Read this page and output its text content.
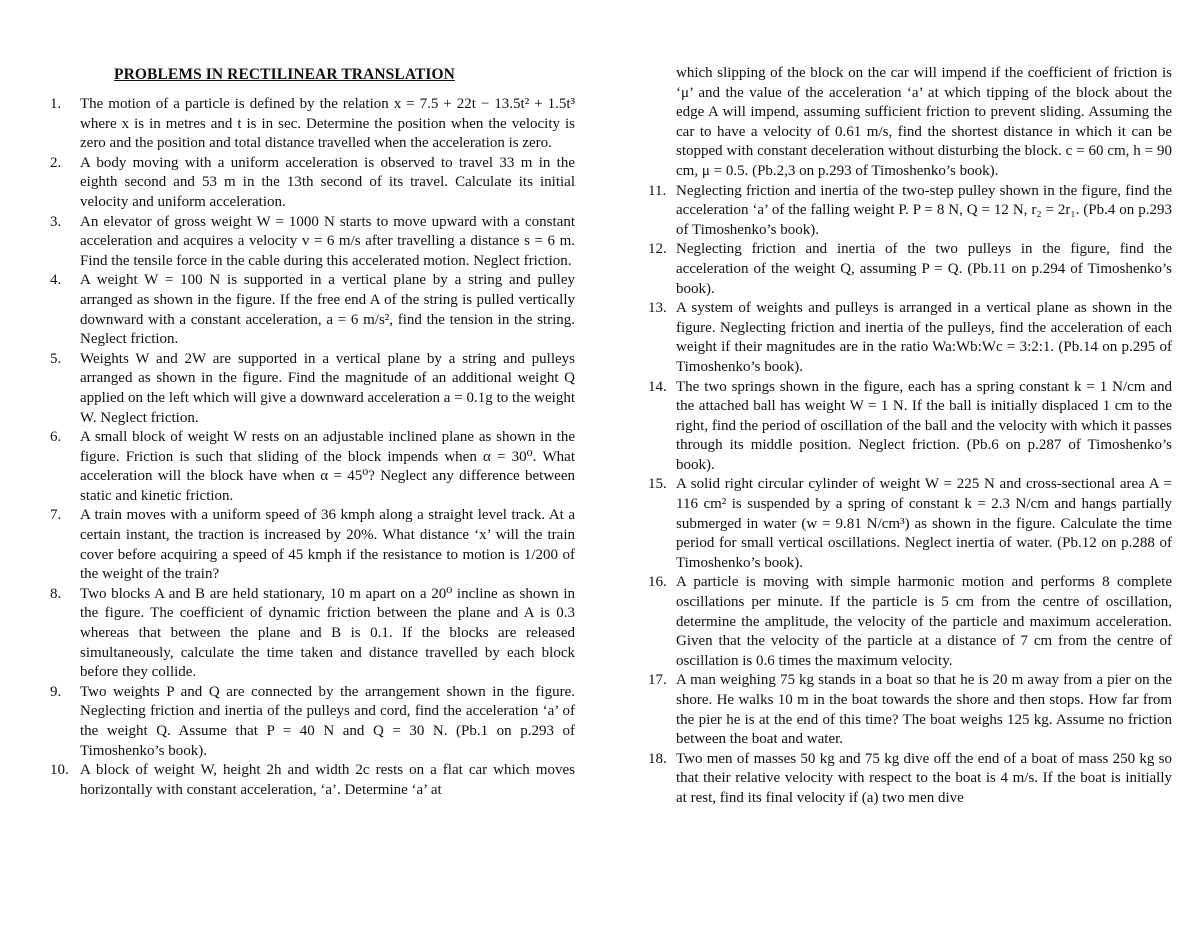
PROBLEMS IN RECTILINEAR TRANSLATION
1.	The motion of a particle is defined by the relation x = 7.5 + 22t − 13.5t² + 1.5t³ where x is in metres and t is in sec. Determine the position when the velocity is zero and the position and total distance travelled when the acceleration is zero.
2.	A body moving with a uniform acceleration is observed to travel 33 m in the eighth second and 53 m in the 13th second of its travel. Calculate its initial velocity and uniform acceleration.
3.	An elevator of gross weight W = 1000 N starts to move upward with a constant acceleration and acquires a velocity v = 6 m/s after travelling a distance s = 6 m. Find the tensile force in the cable during this accelerated motion. Neglect friction.
4.	A weight W = 100 N is supported in a vertical plane by a string and pulley arranged as shown in the figure. If the free end A of the string is pulled vertically downward with a constant acceleration, a = 6 m/s², find the tension in the string. Neglect friction.
5.	Weights W and 2W are supported in a vertical plane by a string and pulleys arranged as shown in the figure. Find the magnitude of an additional weight Q applied on the left which will give a downward acceleration a = 0.1g to the weight W. Neglect friction.
6.	A small block of weight W rests on an adjustable inclined plane as shown in the figure. Friction is such that sliding of the block impends when α = 30⁰. What acceleration will the block have when α = 45⁰? Neglect any difference between static and kinetic friction.
7.	A train moves with a uniform speed of 36 kmph along a straight level track. At a certain instant, the traction is increased by 20%. What distance ‘x’ will the train cover before acquiring a speed of 45 kmph if the resistance to motion is 1/200 of the weight of the train?
8.	Two blocks A and B are held stationary, 10 m apart on a 20⁰ incline as shown in the figure. The coefficient of dynamic friction between the plane and A is 0.3 whereas that between the plane and B is 0.1. If the blocks are released simultaneously, calculate the time taken and distance travelled by each block before they collide.
9.	Two weights P and Q are connected by the arrangement shown in the figure. Neglecting friction and inertia of the pulleys and cord, find the acceleration ‘a’ of the weight Q. Assume that P = 40 N and Q = 30 N. (Pb.1 on p.293 of Timoshenko’s book).
10. A block of weight W, height 2h and width 2c rests on a flat car which moves horizontally with constant acceleration, ‘a’. Determine ‘a’ at
which slipping of the block on the car will impend if the coefficient of friction is ‘μ’ and the value of the acceleration ‘a’ at which tipping of the block about the edge A will impend, assuming sufficient friction to prevent sliding. Assuming the car to have a velocity of 0.61 m/s, find the shortest distance in which it can be stopped with constant deceleration without disturbing the block. c = 60 cm, h = 90 cm, μ = 0.5. (Pb.2,3 on p.293 of Timoshenko’s book).
11. Neglecting friction and inertia of the two-step pulley shown in the figure, find the acceleration ‘a’ of the falling weight P. P = 8 N, Q = 12 N, r₂ = 2r₁. (Pb.4 on p.293 of Timoshenko’s book).
12. Neglecting friction and inertia of the two pulleys in the figure, find the acceleration of the weight Q, assuming P = Q. (Pb.11 on p.294 of Timoshenko’s book).
13. A system of weights and pulleys is arranged in a vertical plane as shown in the figure. Neglecting friction and inertia of the pulleys, find the acceleration of each weight if their magnitudes are in the ratio Wa:Wb:Wc = 3:2:1. (Pb.14 on p.295 of Timoshenko’s book).
14. The two springs shown in the figure, each has a spring constant k = 1 N/cm and the attached ball has weight W = 1 N. If the ball is initially displaced 1 cm to the right, find the period of oscillation of the ball and the velocity with which it passes through its middle position. Neglect friction. (Pb.6 on p.287 of Timoshenko’s book).
15. A solid right circular cylinder of weight W = 225 N and cross-sectional area A = 116 cm² is suspended by a spring of constant k = 2.3 N/cm and hangs partially submerged in water (w = 9.81 N/cm³) as shown in the figure. Calculate the time period for small vertical oscillations. Neglect inertia of water. (Pb.12 on p.288 of Timoshenko’s book).
16. A particle is moving with simple harmonic motion and performs 8 complete oscillations per minute. If the particle is 5 cm from the centre of oscillation, determine the amplitude, the velocity of the particle and maximum acceleration. Given that the velocity of the particle at a distance of 7 cm from the centre of oscillation is 0.6 times the maximum velocity.
17. A man weighing 75 kg stands in a boat so that he is 20 m away from a pier on the shore. He walks 10 m in the boat towards the shore and then stops. How far from the pier he is at the end of this time? The boat weighs 125 kg. Assume no friction between the boat and water.
18. Two men of masses 50 kg and 75 kg dive off the end of a boat of mass 250 kg so that their relative velocity with respect to the boat is 4 m/s. If the boat is initially at rest, find its final velocity if (a) two men dive
